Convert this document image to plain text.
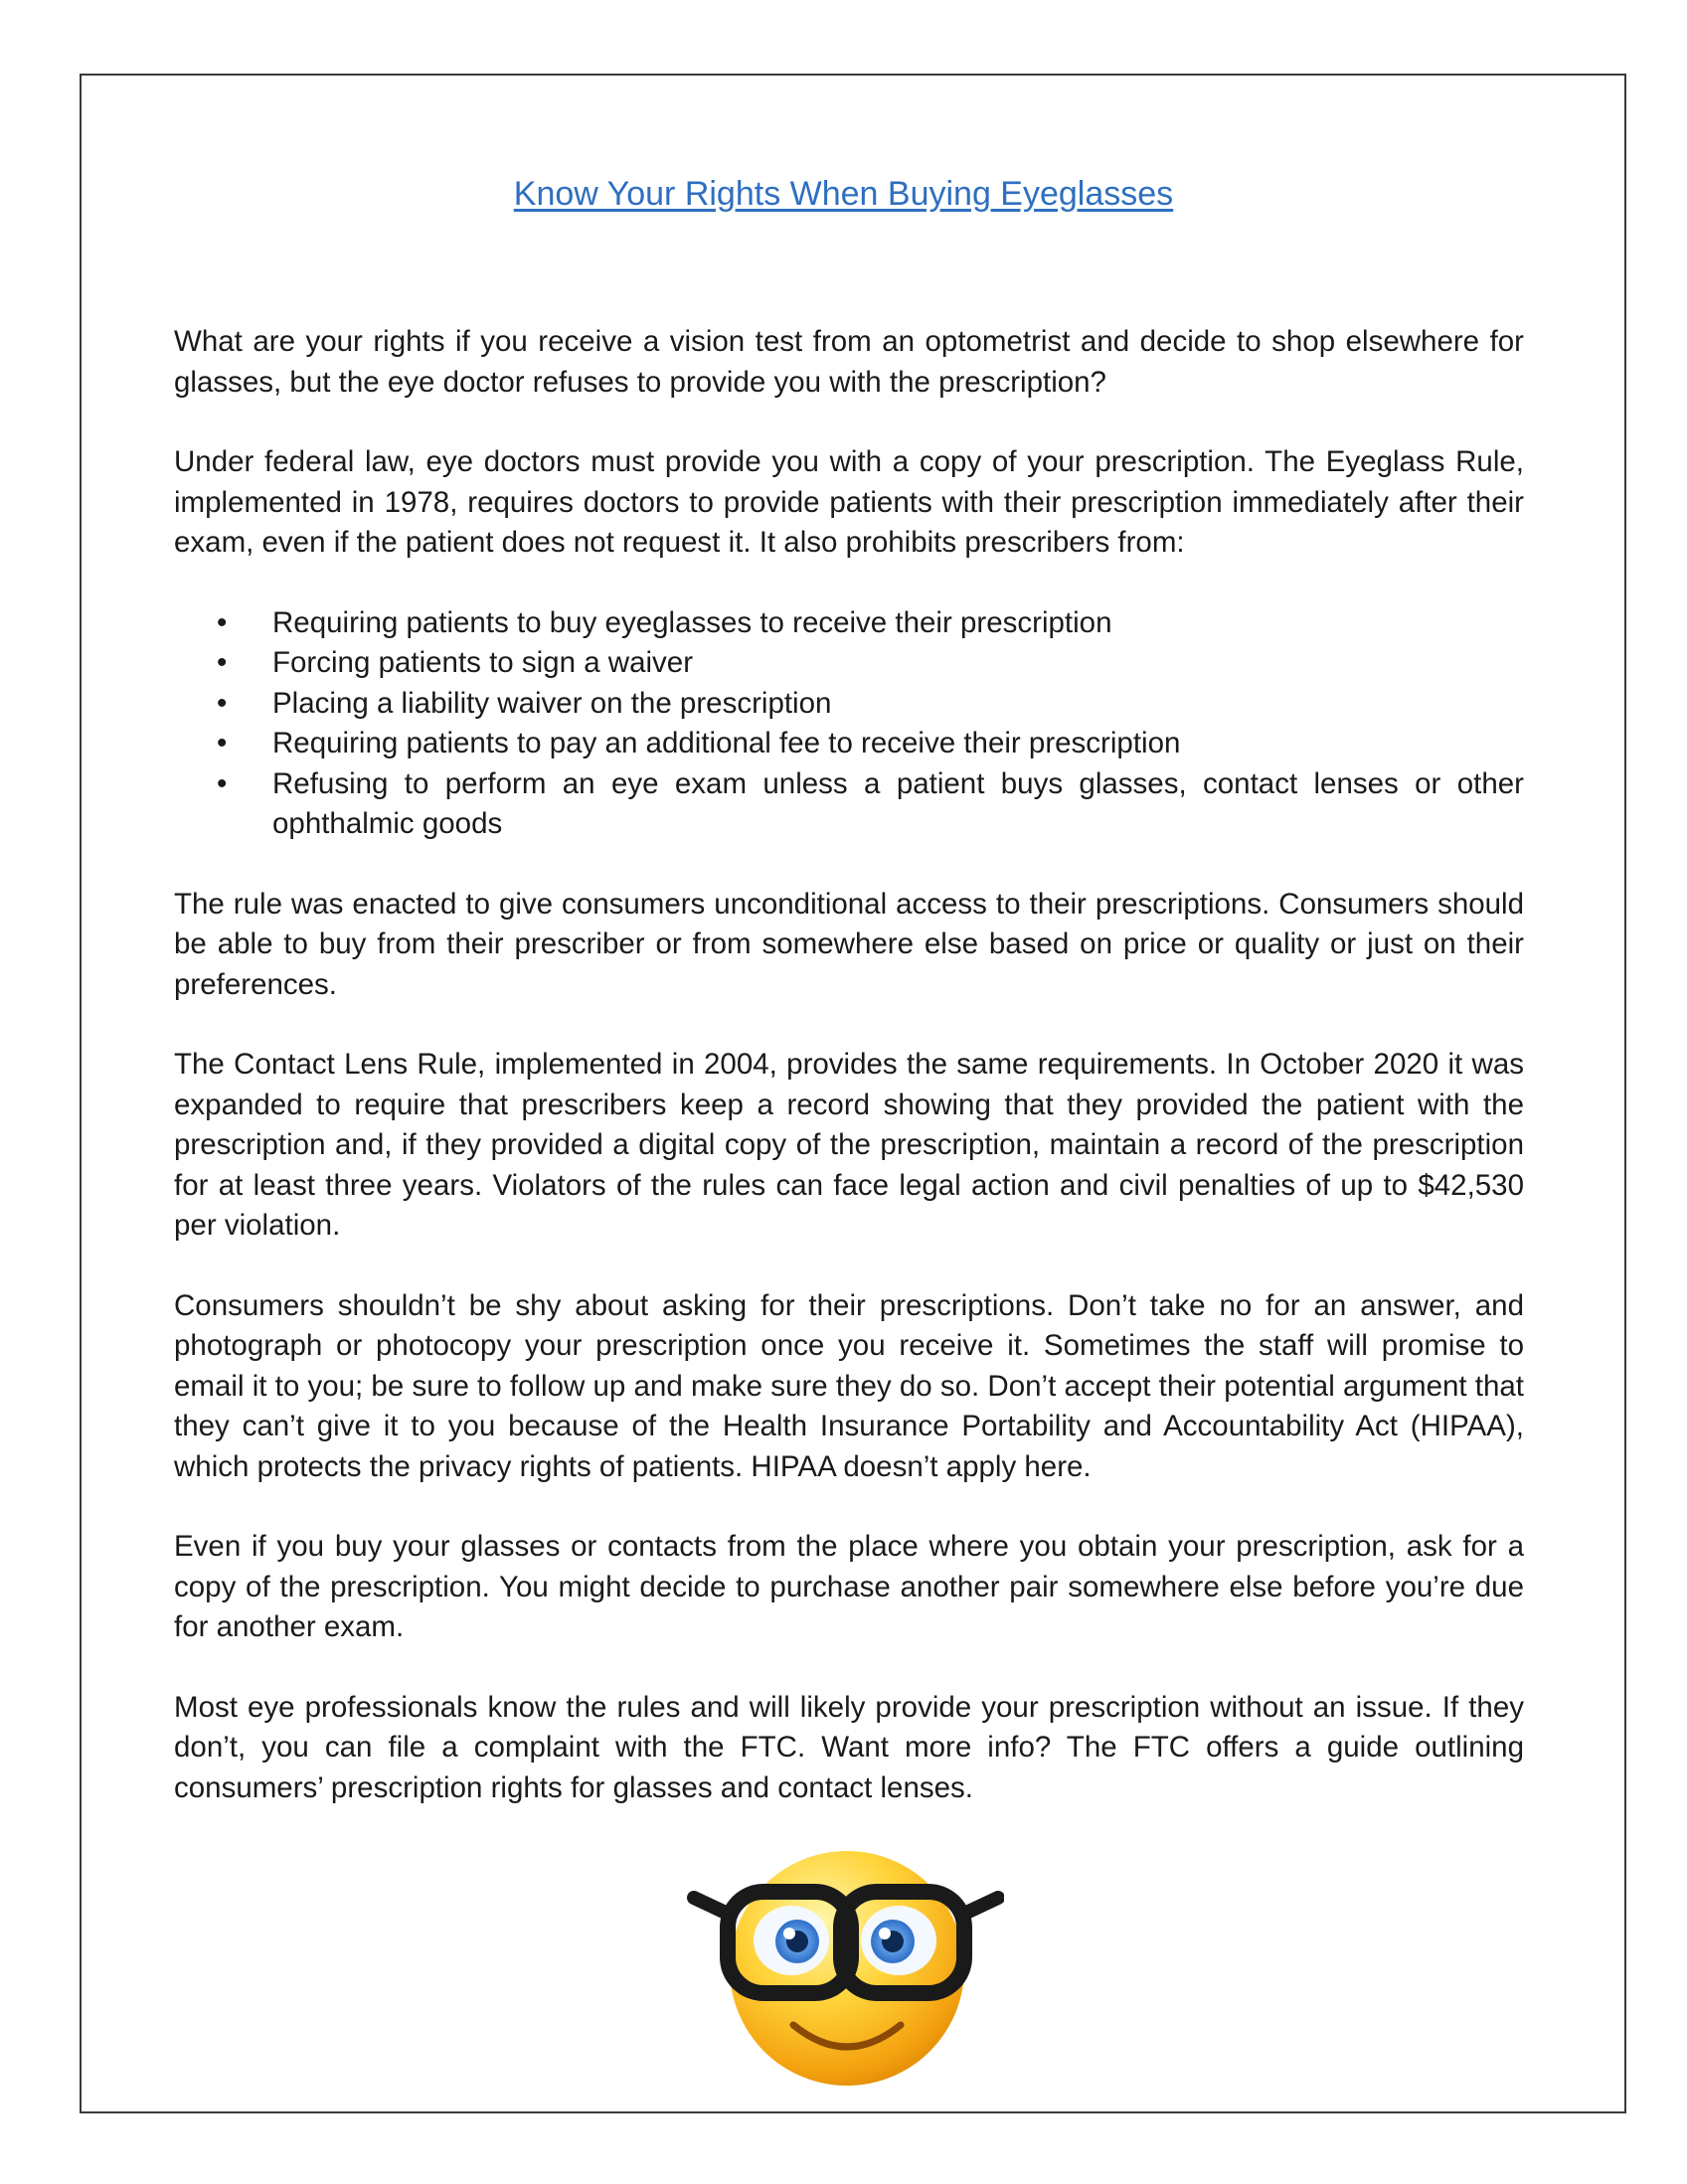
Know Your Rights When Buying Eyeglasses

What are your rights if you receive a vision test from an optometrist and decide to shop elsewhere for glasses, but the eye doctor refuses to provide you with the prescription?

Under federal law, eye doctors must provide you with a copy of your prescription. The Eyeglass Rule, implemented in 1978, requires doctors to provide patients with their prescription immediately after their exam, even if the patient does not request it. It also prohibits prescribers from:

• Requiring patients to buy eyeglasses to receive their prescription
• Forcing patients to sign a waiver
• Placing a liability waiver on the prescription
• Requiring patients to pay an additional fee to receive their prescription
• Refusing to perform an eye exam unless a patient buys glasses, contact lenses or other ophthalmic goods

The rule was enacted to give consumers unconditional access to their prescriptions. Consumers should be able to buy from their prescriber or from somewhere else based on price or quality or just on their preferences.

The Contact Lens Rule, implemented in 2004, provides the same requirements. In October 2020 it was expanded to require that prescribers keep a record showing that they provided the patient with the prescription and, if they provided a digital copy of the prescription, maintain a record of the prescription for at least three years. Violators of the rules can face legal action and civil penalties of up to $42,530 per violation.

Consumers shouldn’t be shy about asking for their prescriptions. Don’t take no for an answer, and photograph or photocopy your prescription once you receive it. Sometimes the staff will promise to email it to you; be sure to follow up and make sure they do so. Don’t accept their potential argument that they can’t give it to you because of the Health Insurance Portability and Accountability Act (HIPAA), which protects the privacy rights of patients. HIPAA doesn’t apply here.

Even if you buy your glasses or contacts from the place where you obtain your prescription, ask for a copy of the prescription. You might decide to purchase another pair somewhere else before you’re due for another exam.

Most eye professionals know the rules and will likely provide your prescription without an issue. If they don’t, you can file a complaint with the FTC. Want more info? The FTC offers a guide outlining consumers’ prescription rights for glasses and contact lenses.
